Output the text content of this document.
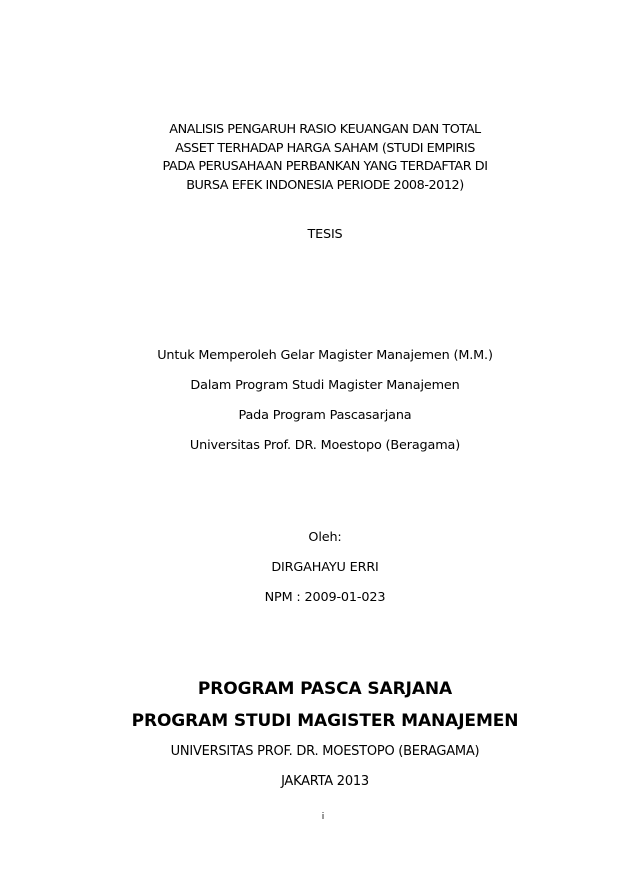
ANALISIS PENGARUH RASIO KEUANGAN DAN TOTAL
ASSET TERHADAP HARGA SAHAM (STUDI EMPIRIS
PADA PERUSAHAAN PERBANKAN YANG TERDAFTAR DI
BURSA EFEK INDONESIA PERIODE 2008-2012)
TESIS
Untuk Memperoleh Gelar Magister Manajemen (M.M.)
Dalam Program Studi Magister Manajemen
Pada Program Pascasarjana
Universitas Prof. DR. Moestopo (Beragama)
Oleh:
DIRGAHAYU ERRI
NPM : 2009-01-023
PROGRAM PASCA SARJANA
PROGRAM STUDI MAGISTER MANAJEMEN
UNIVERSITAS PROF. DR. MOESTOPO (BERAGAMA)
JAKARTA 2013
i
